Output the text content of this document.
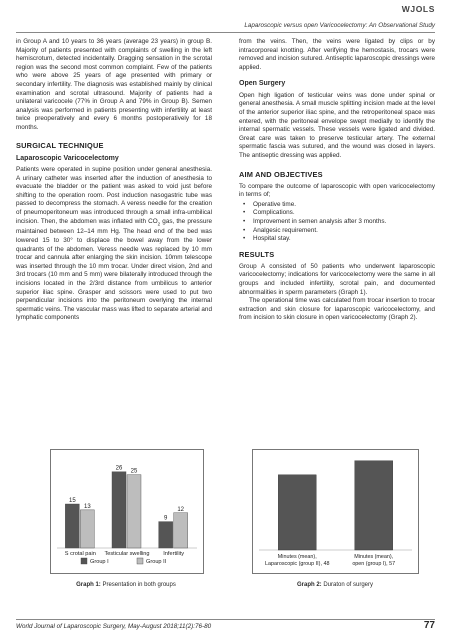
WJOLS
Laparoscopic versus open Varicocelectomy: An Observational Study

in Group A and 10 years to 36 years (average 23 years) in group B. Majority of patients presented with complaints of swelling in the left hemiscrotum, detected incidentally. Dragging sensation in the scrotal region was the second most common complaint. Few of the patients who were above 25 years of age presented with primary or secondary infertility. The diagnosis was established mainly by clinical examination and scrotal ultrasound. Majority of patients had a unilateral varicocele (77% in Group A and 79% in Group B). Semen analysis was performed in patients presenting with infertility at least twice preoperatively and every 6 months postoperatively for 18 months.

SURGICAL TECHNIQUE
Laparoscopic Varicocelectomy

Patients were operated in supine position under general anesthesia. A urinary catheter was inserted after the induction of anesthesia to evacuate the bladder or the patient was asked to void just before shifting to the operation room. Post induction nasogastric tube was passed to decompress the stomach. A veress needle for the creation of pneumoperitoneum was introduced through a small infra-umbilical incision. Then, the abdomen was inflated with $CO_2$ gas, the pressure maintained between 12–14 mm Hg. The head end of the bed was lowered 15 to 30° to displace the bowel away from the lower quadrants of the abdomen. Veress needle was replaced by 10 mm trocar and cannula after enlarging the skin incision. 10mm telescope was inserted through the 10 mm trocar. Under direct vision, 2nd and 3rd trocars (10 mm and 5 mm) were bilaterally introduced through the incisions located in the 2/3rd distance from umbilicus to anterior superior iliac spine. Grasper and scissors were used to put two perpendicular incisions into the peritoneum overlying the internal spermatic veins. The vascular mass was lifted to separate arterial and lymphatic components

from the veins. Then, the veins were ligated by clips or by intracorporeal knotting. After verifying the hemostasis, trocars were removed and incision sutured. Antiseptic laparoscopic dressings were applied.

Open Surgery

Open high ligation of testicular veins was done under spinal or general anesthesia. A small muscle splitting incision made at the level of the anterior superior iliac spine, and the retroperitoneal space was entered, with the peritoneal envelope swept medially to identify the internal spermatic vessels. These vessels were ligated and divided. Great care was taken to preserve testicular artery. The external spermatic fascia was sutured, and the wound was closed in layers. The antiseptic dressing was applied.

AIM AND OBJECTIVES

To compare the outcome of laparoscopic with open varicocelectomy in terms of;

• Operative time.
• Complications.
• Improvement in semen analysis after 3 months.
• Analgesic requirement.
• Hospital stay.
RESULTS

Group A consisted of 50 patients who underwent laparoscopic varicocelectomy; indications for varicocelectomy were the same in all groups and included infertility, scrotal pain, and documented abnormalities in sperm parameters (Graph 1).

The operational time was calculated from trocar insertion to trocar extraction and skin closure for laparoscopic varicocelectomy, and from incision to skin closure in open varicocelectomy (Graph 2).

15
13
S crotal pain
26 25
Testicular swelling
9
12
Infertility
Group I	Group II
Graph 1: Presentation in both groups
Minutes (mean),
Laparoscopic (group II), 48
Minutes (mean),
open (group I), 57
Graph 2: Duraton of surgery
World Journal of Laparoscopic Surgery, May-August 2018;11(2):76-80	77
